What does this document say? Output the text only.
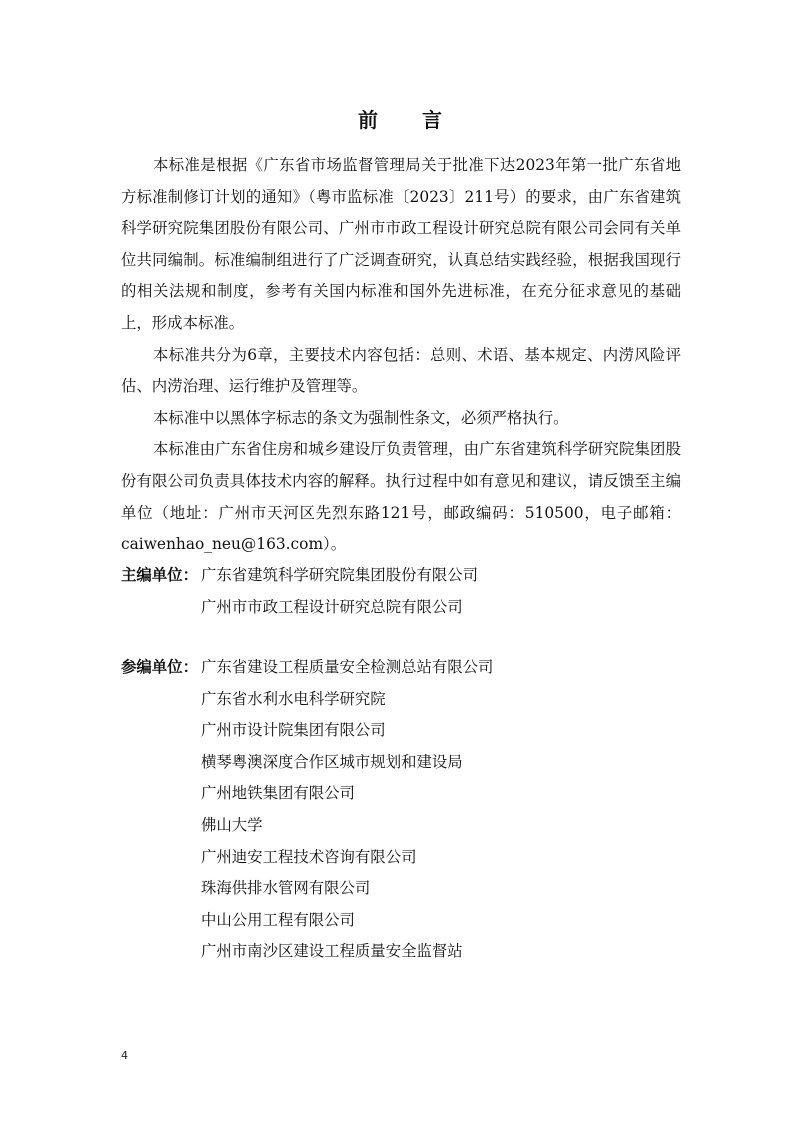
前 言

本标准是根据《广东省市场监督管理局关于批准下达2023年第一批广东省地方标准制修订计划的通知》（粤市监标准〔2023〕211号）的要求，由广东省建筑科学研究院集团股份有限公司、广州市市政工程设计研究总院有限公司会同有关单位共同编制。标准编制组进行了广泛调查研究，认真总结实践经验，根据我国现行的相关法规和制度，参考有关国内标准和国外先进标准，在充分征求意见的基础上，形成本标准。

本标准共分为6章，主要技术内容包括：总则、术语、基本规定、内涝风险评估、内涝治理、运行维护及管理等。

本标准中以黑体字标志的条文为强制性条文，必须严格执行。

本标准由广东省住房和城乡建设厅负责管理，由广东省建筑科学研究院集团股份有限公司负责具体技术内容的解释。执行过程中如有意见和建议，请反馈至主编单位（地址：广州市天河区先烈东路121号，邮政编码：510500，电子邮箱：caiwenhao_neu@163.com）。

主编单位： 广东省建筑科学研究院集团股份有限公司
广州市市政工程设计研究总院有限公司
参编单位： 广东省建设工程质量安全检测总站有限公司
广东省水利水电科学研究院
广州市设计院集团有限公司
横琴粤澳深度合作区城市规划和建设局
广州地铁集团有限公司
佛山大学
广州迪安工程技术咨询有限公司
珠海供排水管网有限公司
中山公用工程有限公司
广州市南沙区建设工程质量安全监督站
4
